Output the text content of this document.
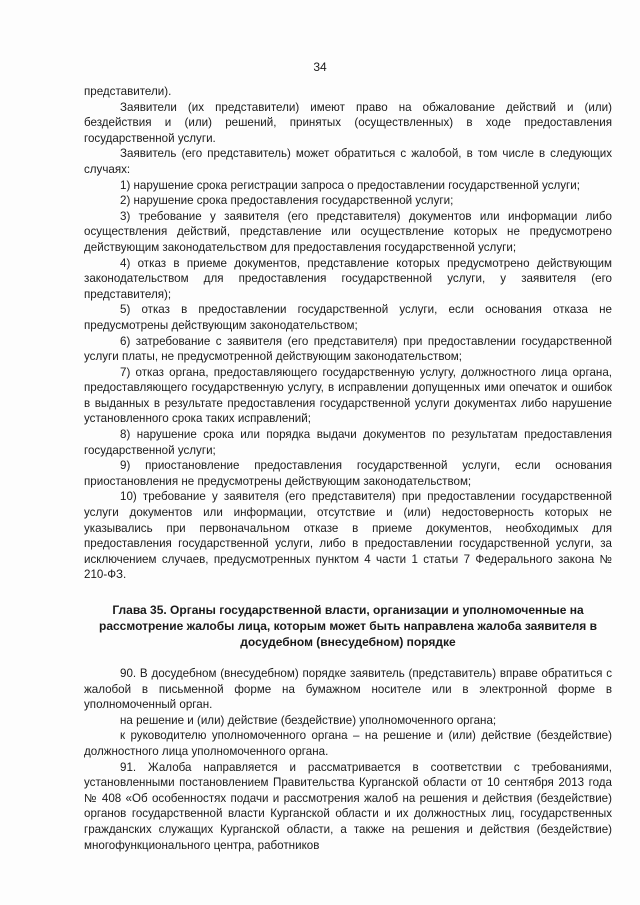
34

представители).

Заявители (их представители) имеют право на обжалование действий и (или) бездействия и (или) решений, принятых (осуществленных) в ходе предоставления государственной услуги.

Заявитель (его представитель) может обратиться с жалобой, в том числе в следующих случаях:

1) нарушение срока регистрации запроса о предоставлении государственной услуги;

2) нарушение срока предоставления государственной услуги;

3) требование у заявителя (его представителя) документов или информации либо осуществления действий, представление или осуществление которых не предусмотрено действующим законодательством для предоставления государственной услуги;

4) отказ в приеме документов, представление которых предусмотрено действующим законодательством для предоставления государственной услуги, у заявителя (его представителя);

5) отказ в предоставлении государственной услуги, если основания отказа не предусмотрены действующим законодательством;

6) затребование с заявителя (его представителя) при предоставлении государственной услуги платы, не предусмотренной действующим законодательством;

7) отказ органа, предоставляющего государственную услугу, должностного лица органа, предоставляющего государственную услугу, в исправлении допущенных ими опечаток и ошибок в выданных в результате предоставления государственной услуги документах либо нарушение установленного срока таких исправлений;

8) нарушение срока или порядка выдачи документов по результатам предоставления государственной услуги;

9) приостановление предоставления государственной услуги, если основания приостановления не предусмотрены действующим законодательством;

10) требование у заявителя (его представителя) при предоставлении государственной услуги документов или информации, отсутствие и (или) недостоверность которых не указывались при первоначальном отказе в приеме документов, необходимых для предоставления государственной услуги, либо в предоставлении государственной услуги, за исключением случаев, предусмотренных пунктом 4 части 1 статьи 7 Федерального закона № 210-ФЗ.

Глава 35. Органы государственной власти, организации и уполномоченные на рассмотрение жалобы лица, которым может быть направлена жалоба заявителя в досудебном (внесудебном) порядке

90. В досудебном (внесудебном) порядке заявитель (представитель) вправе обратиться с жалобой в письменной форме на бумажном носителе или в электронной форме в уполномоченный орган.

на решение и (или) действие (бездействие) уполномоченного органа;

к руководителю уполномоченного органа – на решение и (или) действие (бездействие) должностного лица уполномоченного органа.

91. Жалоба направляется и рассматривается в соответствии с требованиями, установленными постановлением Правительства Курганской области от 10 сентября 2013 года № 408 «Об особенностях подачи и рассмотрения жалоб на решения и действия (бездействие) органов государственной власти Курганской области и их должностных лиц, государственных гражданских служащих Курганской области, а также на решения и действия (бездействие) многофункционального центра, работников
